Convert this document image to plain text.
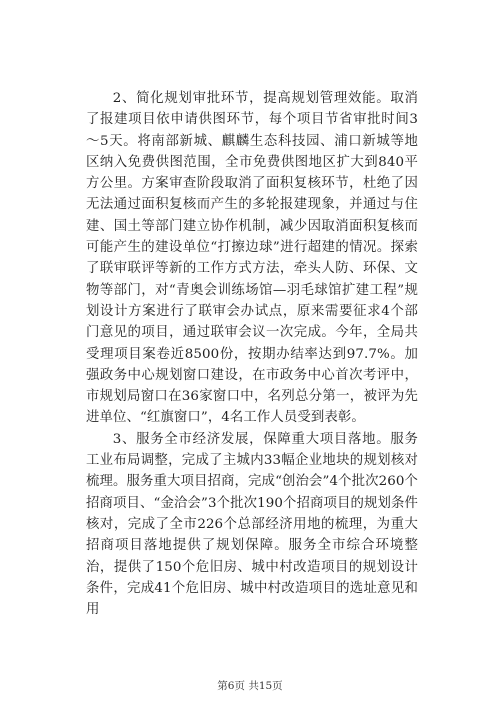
2、简化规划审批环节，提高规划管理效能。取消了报建项目依申请供图环节，每个项目节省审批时间3～5天。将南部新城、麒麟生态科技园、浦口新城等地区纳入免费供图范围，全市免费供图地区扩大到840平方公里。方案审查阶段取消了面积复核环节，杜绝了因无法通过面积复核而产生的多轮报建现象，并通过与住建、国土等部门建立协作机制，减少因取消面积复核而可能产生的建设单位“打擦边球”进行超建的情况。探索了联审联评等新的工作方式方法，牵头人防、环保、文物等部门，对“青奥会训练场馆—羽毛球馆扩建工程”规划设计方案进行了联审会办试点，原来需要征求4个部门意见的项目，通过联审会议一次完成。今年，全局共受理项目案卷近8500份，按期办结率达到97.7%。加强政务中心规划窗口建设，在市政务中心首次考评中，市规划局窗口在36家窗口中，名列总分第一，被评为先进单位、“红旗窗口”，4名工作人员受到表彰。

3、服务全市经济发展，保障重大项目落地。服务工业布局调整，完成了主城内33幅企业地块的规划核对梳理。服务重大项目招商，完成“创治会”4个批次260个招商项目、“金洽会”3个批次190个招商项目的规划条件核对，完成了全市226个总部经济用地的梳理，为重大招商项目落地提供了规划保障。服务全市综合环境整治，提供了150个危旧房、城中村改造项目的规划设计条件，完成41个危旧房、城中村改造项目的选址意见和用

第6页 共15页
